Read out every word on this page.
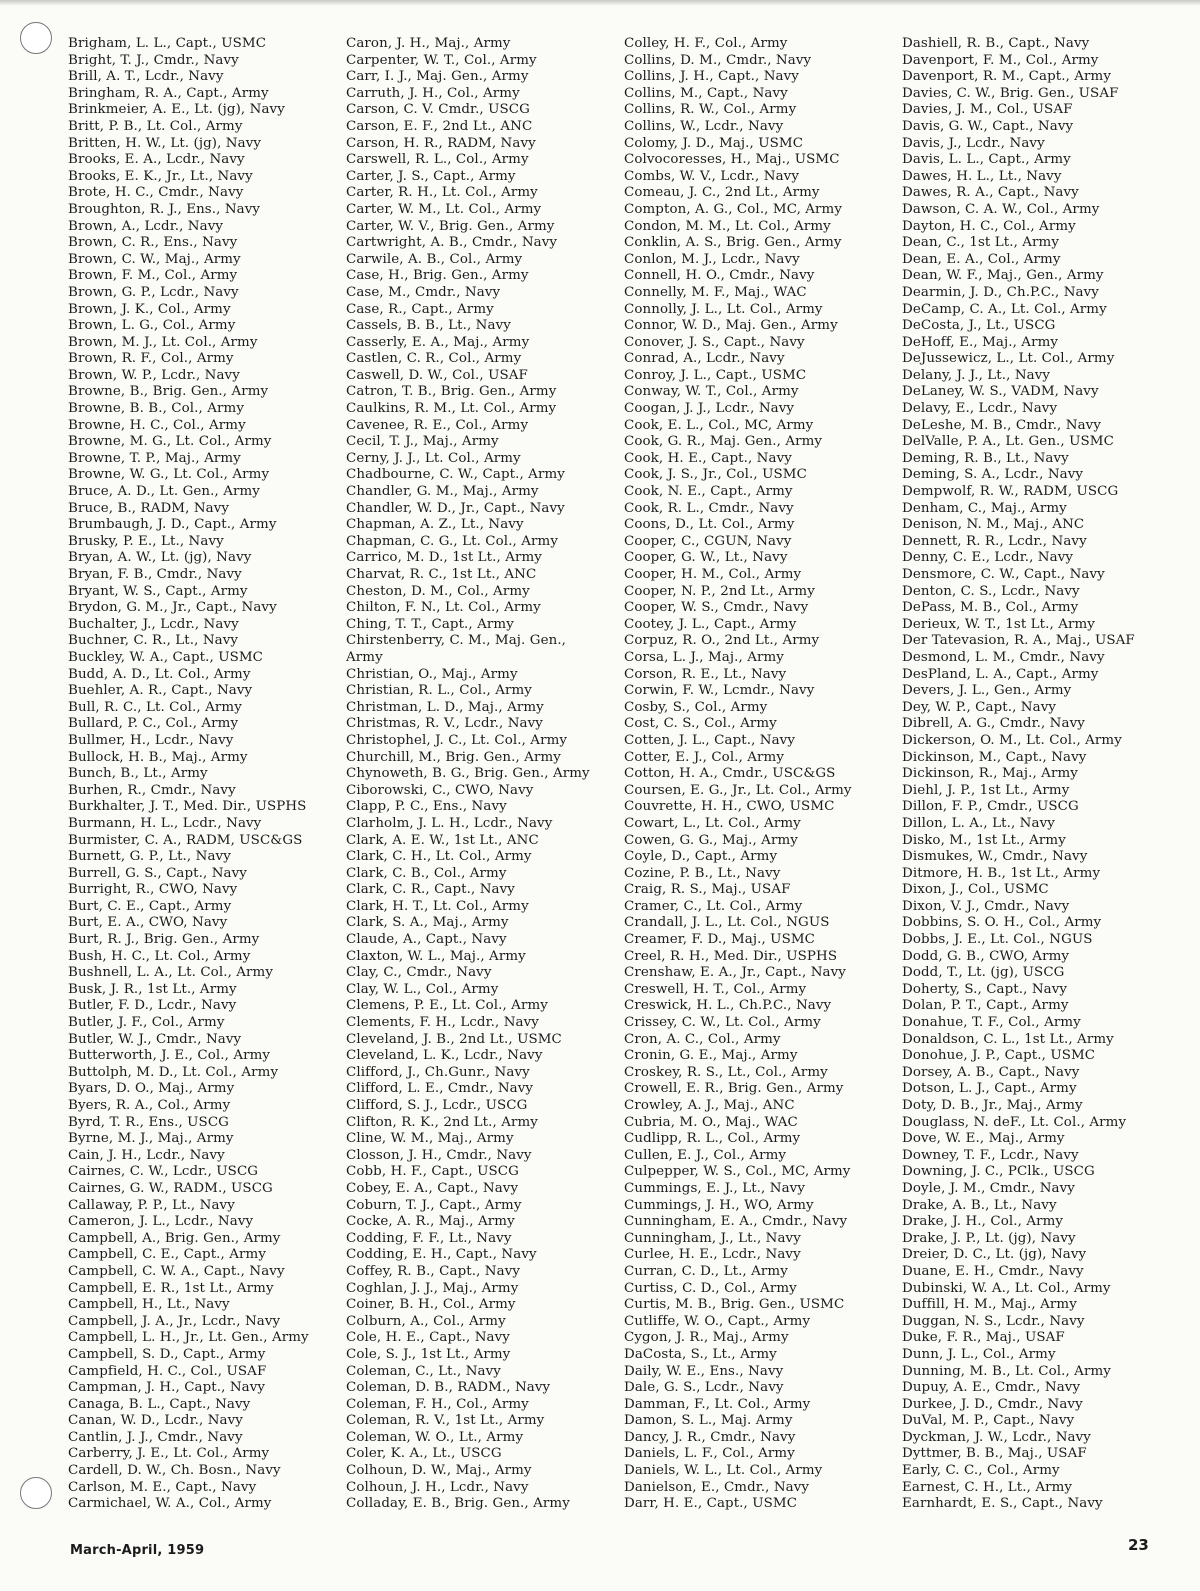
Brigham, L. L., Capt., USMC
Bright, T. J., Cmdr., Navy
Brill, A. T., Lcdr., Navy
Bringham, R. A., Capt., Army
Brinkmeier, A. E., Lt. (jg), Navy
Britt, P. B., Lt. Col., Army
Britten, H. W., Lt. (jg), Navy
Brooks, E. A., Lcdr., Navy
Brooks, E. K., Jr., Lt., Navy
Brote, H. C., Cmdr., Navy
Broughton, R. J., Ens., Navy
Brown, A., Lcdr., Navy
Brown, C. R., Ens., Navy
Brown, C. W., Maj., Army
Brown, F. M., Col., Army
Brown, G. P., Lcdr., Navy
Brown, J. K., Col., Army
Brown, L. G., Col., Army
Brown, M. J., Lt. Col., Army
Brown, R. F., Col., Army
Brown, W. P., Lcdr., Navy
Browne, B., Brig. Gen., Army
Browne, B. B., Col., Army
Browne, H. C., Col., Army
Browne, M. G., Lt. Col., Army
Browne, T. P., Maj., Army
Browne, W. G., Lt. Col., Army
Bruce, A. D., Lt. Gen., Army
Bruce, B., RADM, Navy
Brumbaugh, J. D., Capt., Army
Brusky, P. E., Lt., Navy
Bryan, A. W., Lt. (jg), Navy
Bryan, F. B., Cmdr., Navy
Bryant, W. S., Capt., Army
Brydon, G. M., Jr., Capt., Navy
Buchalter, J., Lcdr., Navy
Buchner, C. R., Lt., Navy
Buckley, W. A., Capt., USMC
Budd, A. D., Lt. Col., Army
Buehler, A. R., Capt., Navy
Bull, R. C., Lt. Col., Army
Bullard, P. C., Col., Army
Bullmer, H., Lcdr., Navy
Bullock, H. B., Maj., Army
Bunch, B., Lt., Army
Burhen, R., Cmdr., Navy
Burkhalter, J. T., Med. Dir., USPHS
Burmann, H. L., Lcdr., Navy
Burmister, C. A., RADM, USC&GS
Burnett, G. P., Lt., Navy
Burrell, G. S., Capt., Navy
Burright, R., CWO, Navy
Burt, C. E., Capt., Army
Burt, E. A., CWO, Navy
Burt, R. J., Brig. Gen., Army
Bush, H. C., Lt. Col., Army
Bushnell, L. A., Lt. Col., Army
Busk, J. R., 1st Lt., Army
Butler, F. D., Lcdr., Navy
Butler, J. F., Col., Army
Butler, W. J., Cmdr., Navy
Butterworth, J. E., Col., Army
Buttolph, M. D., Lt. Col., Army
Byars, D. O., Maj., Army
Byers, R. A., Col., Army
Byrd, T. R., Ens., USCG
Byrne, M. J., Maj., Army
Cain, J. H., Lcdr., Navy
Cairnes, C. W., Lcdr., USCG
Cairnes, G. W., RADM., USCG
Callaway, P. P., Lt., Navy
Cameron, J. L., Lcdr., Navy
Campbell, A., Brig. Gen., Army
Campbell, C. E., Capt., Army
Campbell, C. W. A., Capt., Navy
Campbell, E. R., 1st Lt., Army
Campbell, H., Lt., Navy
Campbell, J. A., Jr., Lcdr., Navy
Campbell, L. H., Jr., Lt. Gen., Army
Campbell, S. D., Capt., Army
Campfield, H. C., Col., USAF
Campman, J. H., Capt., Navy
Canaga, B. L., Capt., Navy
Canan, W. D., Lcdr., Navy
Cantlin, J. J., Cmdr., Navy
Carberry, J. E., Lt. Col., Army
Cardell, D. W., Ch. Bosn., Navy
Carlson, M. E., Capt., Navy
Carmichael, W. A., Col., Army
Caron, J. H., Maj., Army
Carpenter, W. T., Col., Army
Carr, I. J., Maj. Gen., Army
Carruth, J. H., Col., Army
Carson, C. V. Cmdr., USCG
Carson, E. F., 2nd Lt., ANC
Carson, H. R., RADM, Navy
Carswell, R. L., Col., Army
Carter, J. S., Capt., Army
Carter, R. H., Lt. Col., Army
Carter, W. M., Lt. Col., Army
Carter, W. V., Brig. Gen., Army
Cartwright, A. B., Cmdr., Navy
Carwile, A. B., Col., Army
Case, H., Brig. Gen., Army
Case, M., Cmdr., Navy
Case, R., Capt., Army
Cassels, B. B., Lt., Navy
Casserly, E. A., Maj., Army
Castlen, C. R., Col., Army
Caswell, D. W., Col., USAF
Catron, T. B., Brig. Gen., Army
Caulkins, R. M., Lt. Col., Army
Cavenee, R. E., Col., Army
Cecil, T. J., Maj., Army
Cerny, J. J., Lt. Col., Army
Chadbourne, C. W., Capt., Army
Chandler, G. M., Maj., Army
Chandler, W. D., Jr., Capt., Navy
Chapman, A. Z., Lt., Navy
Chapman, C. G., Lt. Col., Army
Carrico, M. D., 1st Lt., Army
Charvat, R. C., 1st Lt., ANC
Cheston, D. M., Col., Army
Chilton, F. N., Lt. Col., Army
Ching, T. T., Capt., Army
Chirstenberry, C. M., Maj. Gen.,
Army
Christian, O., Maj., Army
Christian, R. L., Col., Army
Christman, L. D., Maj., Army
Christmas, R. V., Lcdr., Navy
Christophel, J. C., Lt. Col., Army
Churchill, M., Brig. Gen., Army
Chynoweth, B. G., Brig. Gen., Army
Ciborowski, C., CWO, Navy
Clapp, P. C., Ens., Navy
Clarholm, J. L. H., Lcdr., Navy
Clark, A. E. W., 1st Lt., ANC
Clark, C. H., Lt. Col., Army
Clark, C. B., Col., Army
Clark, C. R., Capt., Navy
Clark, H. T., Lt. Col., Army
Clark, S. A., Maj., Army
Claude, A., Capt., Navy
Claxton, W. L., Maj., Army
Clay, C., Cmdr., Navy
Clay, W. L., Col., Army
Clemens, P. E., Lt. Col., Army
Clements, F. H., Lcdr., Navy
Cleveland, J. B., 2nd Lt., USMC
Cleveland, L. K., Lcdr., Navy
Clifford, J., Ch.Gunr., Navy
Clifford, L. E., Cmdr., Navy
Clifford, S. J., Lcdr., USCG
Clifton, R. K., 2nd Lt., Army
Cline, W. M., Maj., Army
Closson, J. H., Cmdr., Navy
Cobb, H. F., Capt., USCG
Cobey, E. A., Capt., Navy
Coburn, T. J., Capt., Army
Cocke, A. R., Maj., Army
Codding, F. F., Lt., Navy
Codding, E. H., Capt., Navy
Coffey, R. B., Capt., Navy
Coghlan, J. J., Maj., Army
Coiner, B. H., Col., Army
Colburn, A., Col., Army
Cole, H. E., Capt., Navy
Cole, S. J., 1st Lt., Army
Coleman, C., Lt., Navy
Coleman, D. B., RADM., Navy
Coleman, F. H., Col., Army
Coleman, R. V., 1st Lt., Army
Coleman, W. O., Lt., Army
Coler, K. A., Lt., USCG
Colhoun, D. W., Maj., Army
Colhoun, J. H., Lcdr., Navy
Colladay, E. B., Brig. Gen., Army
Colley, H. F., Col., Army
Collins, D. M., Cmdr., Navy
Collins, J. H., Capt., Navy
Collins, M., Capt., Navy
Collins, R. W., Col., Army
Collins, W., Lcdr., Navy
Colomy, J. D., Maj., USMC
Colvocoresses, H., Maj., USMC
Combs, W. V., Lcdr., Navy
Comeau, J. C., 2nd Lt., Army
Compton, A. G., Col., MC, Army
Condon, M. M., Lt. Col., Army
Conklin, A. S., Brig. Gen., Army
Conlon, M. J., Lcdr., Navy
Connell, H. O., Cmdr., Navy
Connelly, M. F., Maj., WAC
Connolly, J. L., Lt. Col., Army
Connor, W. D., Maj. Gen., Army
Conover, J. S., Capt., Navy
Conrad, A., Lcdr., Navy
Conroy, J. L., Capt., USMC
Conway, W. T., Col., Army
Coogan, J. J., Lcdr., Navy
Cook, E. L., Col., MC, Army
Cook, G. R., Maj. Gen., Army
Cook, H. E., Capt., Navy
Cook, J. S., Jr., Col., USMC
Cook, N. E., Capt., Army
Cook, R. L., Cmdr., Navy
Coons, D., Lt. Col., Army
Cooper, C., CGUN, Navy
Cooper, G. W., Lt., Navy
Cooper, H. M., Col., Army
Cooper, N. P., 2nd Lt., Army
Cooper, W. S., Cmdr., Navy
Cootey, J. L., Capt., Army
Corpuz, R. O., 2nd Lt., Army
Corsa, L. J., Maj., Army
Corson, R. E., Lt., Navy
Corwin, F. W., Lcmdr., Navy
Cosby, S., Col., Army
Cost, C. S., Col., Army
Cotten, J. L., Capt., Navy
Cotter, E. J., Col., Army
Cotton, H. A., Cmdr., USC&GS
Coursen, E. G., Jr., Lt. Col., Army
Couvrette, H. H., CWO, USMC
Cowart, L., Lt. Col., Army
Cowen, G. G., Maj., Army
Coyle, D., Capt., Army
Cozine, P. B., Lt., Navy
Craig, R. S., Maj., USAF
Cramer, C., Lt. Col., Army
Crandall, J. L., Lt. Col., NGUS
Creamer, F. D., Maj., USMC
Creel, R. H., Med. Dir., USPHS
Crenshaw, E. A., Jr., Capt., Navy
Creswell, H. T., Col., Army
Creswick, H. L., Ch.P.C., Navy
Crissey, C. W., Lt. Col., Army
Cron, A. C., Col., Army
Cronin, G. E., Maj., Army
Croskey, R. S., Lt., Col., Army
Crowell, E. R., Brig. Gen., Army
Crowley, A. J., Maj., ANC
Cubria, M. O., Maj., WAC
Cudlipp, R. L., Col., Army
Cullen, E. J., Col., Army
Culpepper, W. S., Col., MC, Army
Cummings, E. J., Lt., Navy
Cummings, J. H., WO, Army
Cunningham, E. A., Cmdr., Navy
Cunningham, J., Lt., Navy
Curlee, H. E., Lcdr., Navy
Curran, C. D., Lt., Army
Curtiss, C. D., Col., Army
Curtis, M. B., Brig. Gen., USMC
Cutliffe, W. O., Capt., Army
Cygon, J. R., Maj., Army
DaCosta, S., Lt., Army
Daily, W. E., Ens., Navy
Dale, G. S., Lcdr., Navy
Damman, F., Lt. Col., Army
Damon, S. L., Maj. Army
Dancy, J. R., Cmdr., Navy
Daniels, L. F., Col., Army
Daniels, W. L., Lt. Col., Army
Danielson, E., Cmdr., Navy
Darr, H. E., Capt., USMC
Dashiell, R. B., Capt., Navy
Davenport, F. M., Col., Army
Davenport, R. M., Capt., Army
Davies, C. W., Brig. Gen., USAF
Davies, J. M., Col., USAF
Davis, G. W., Capt., Navy
Davis, J., Lcdr., Navy
Davis, L. L., Capt., Army
Dawes, H. L., Lt., Navy
Dawes, R. A., Capt., Navy
Dawson, C. A. W., Col., Army
Dayton, H. C., Col., Army
Dean, C., 1st Lt., Army
Dean, E. A., Col., Army
Dean, W. F., Maj., Gen., Army
Dearmin, J. D., Ch.P.C., Navy
DeCamp, C. A., Lt. Col., Army
DeCosta, J., Lt., USCG
DeHoff, E., Maj., Army
DeJussewicz, L., Lt. Col., Army
Delany, J. J., Lt., Navy
DeLaney, W. S., VADM, Navy
Delavy, E., Lcdr., Navy
DeLeshe, M. B., Cmdr., Navy
DelValle, P. A., Lt. Gen., USMC
Deming, R. B., Lt., Navy
Deming, S. A., Lcdr., Navy
Dempwolf, R. W., RADM, USCG
Denham, C., Maj., Army
Denison, N. M., Maj., ANC
Dennett, R. R., Lcdr., Navy
Denny, C. E., Lcdr., Navy
Densmore, C. W., Capt., Navy
Denton, C. S., Lcdr., Navy
DePass, M. B., Col., Army
Derieux, W. T., 1st Lt., Army
Der Tatevasion, R. A., Maj., USAF
Desmond, L. M., Cmdr., Navy
DesPland, L. A., Capt., Army
Devers, J. L., Gen., Army
Dey, W. P., Capt., Navy
Dibrell, A. G., Cmdr., Navy
Dickerson, O. M., Lt. Col., Army
Dickinson, M., Capt., Navy
Dickinson, R., Maj., Army
Diehl, J. P., 1st Lt., Army
Dillon, F. P., Cmdr., USCG
Dillon, L. A., Lt., Navy
Disko, M., 1st Lt., Army
Dismukes, W., Cmdr., Navy
Ditmore, H. B., 1st Lt., Army
Dixon, J., Col., USMC
Dixon, V. J., Cmdr., Navy
Dobbins, S. O. H., Col., Army
Dobbs, J. E., Lt. Col., NGUS
Dodd, G. B., CWO, Army
Dodd, T., Lt. (jg), USCG
Doherty, S., Capt., Navy
Dolan, P. T., Capt., Army
Donahue, T. F., Col., Army
Donaldson, C. L., 1st Lt., Army
Donohue, J. P., Capt., USMC
Dorsey, A. B., Capt., Navy
Dotson, L. J., Capt., Army
Doty, D. B., Jr., Maj., Army
Douglass, N. deF., Lt. Col., Army
Dove, W. E., Maj., Army
Downey, T. F., Lcdr., Navy
Downing, J. C., PClk., USCG
Doyle, J. M., Cmdr., Navy
Drake, A. B., Lt., Navy
Drake, J. H., Col., Army
Drake, J. P., Lt. (jg), Navy
Dreier, D. C., Lt. (jg), Navy
Duane, E. H., Cmdr., Navy
Dubinski, W. A., Lt. Col., Army
Duffill, H. M., Maj., Army
Duggan, N. S., Lcdr., Navy
Duke, F. R., Maj., USAF
Dunn, J. L., Col., Army
Dunning, M. B., Lt. Col., Army
Dupuy, A. E., Cmdr., Navy
Durkee, J. D., Cmdr., Navy
DuVal, M. P., Capt., Navy
Dyckman, J. W., Lcdr., Navy
Dyttmer, B. B., Maj., USAF
Early, C. C., Col., Army
Earnest, C. H., Lt., Army
Earnhardt, E. S., Capt., Navy
March-April, 1959	23
